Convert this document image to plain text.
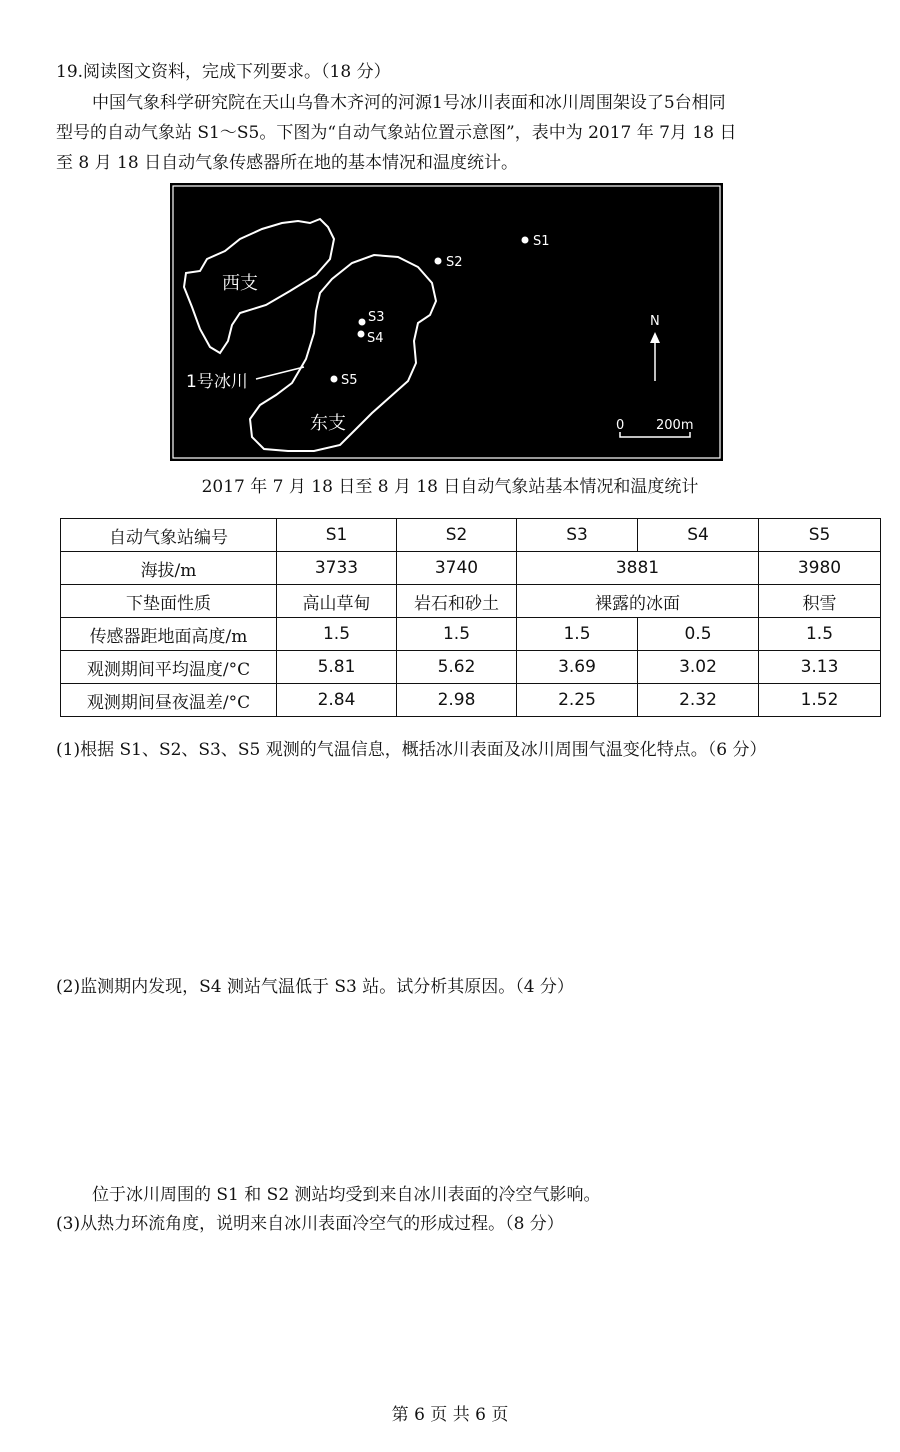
19.阅读图文资料，完成下列要求。（18 分）
中国气象科学研究院在天山乌鲁木齐河的河源1号冰川表面和冰川周围架设了5台相同
型号的自动气象站 S1～S5。下图为“自动气象站位置示意图”，表中为 2017 年 7月 18 日
至 8 月 18 日自动气象传感器所在地的基本情况和温度统计。
S1
S2
S3
S4
S5
西支
东支
1号冰川
N
0 200m
2017 年 7 月 18 日至 8 月 18 日自动气象站基本情况和温度统计
自动气象站编号	S1	S2	S3	S4	S5
海拔/m	3733	3740	3881		3980
下垫面性质	高山草甸	岩石和砂土	裸露的冰面		积雪
传感器距地面高度/m	1.5	1.5	1.5	0.5	1.5
观测期间平均温度/°C	5.81	5.62	3.69	3.02	3.13
观测期间昼夜温差/°C	2.84	2.98	2.25	2.32	1.52
(1)根据 S1、S2、S3、S5 观测的气温信息，概括冰川表面及冰川周围气温变化特点。（6 分）
(2)监测期内发现，S4 测站气温低于 S3 站。试分析其原因。（4 分）
位于冰川周围的 S1 和 S2 测站均受到来自冰川表面的冷空气影响。
(3)从热力环流角度，说明来自冰川表面冷空气的形成过程。（8 分）
第 6 页 共 6 页
